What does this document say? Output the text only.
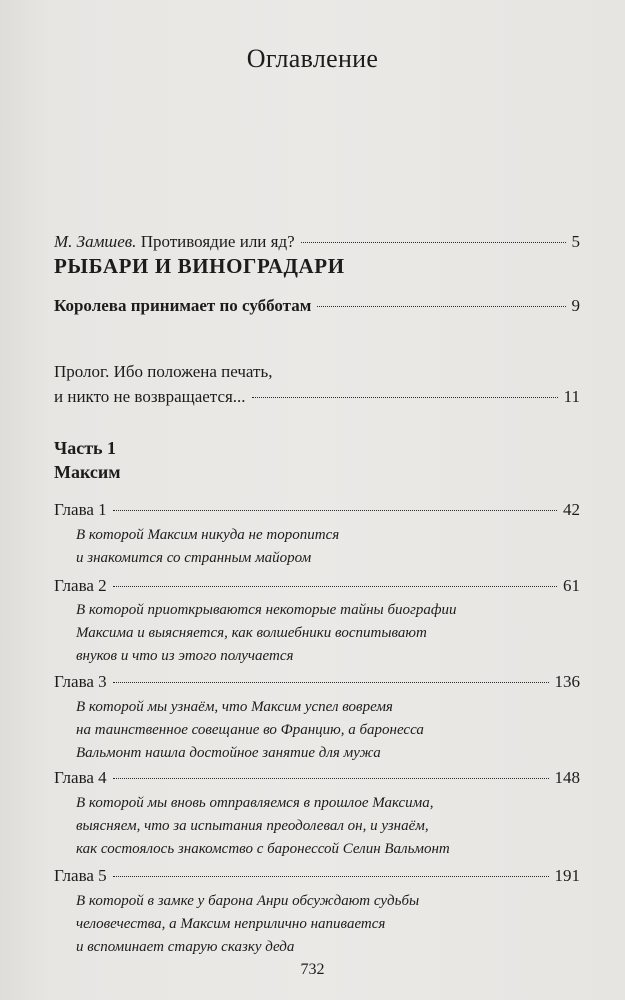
Оглавление
М. Замшев. Противоядие или яд?	5
РЫБАРИ И ВИНОГРАДАРИ
Королева принимает по субботам	9
Пролог. Ибо положена печать,
и никто не возвращается...	11
Часть 1
Максим
Глава 1	42
В которой Максим никуда не торопится
и знакомится со странным майором
Глава 2	61
В которой приоткрываются некоторые тайны биографии
Максима и выясняется, как волшебники воспитывают
внуков и что из этого получается
Глава 3	136
В которой мы узнаём, что Максим успел вовремя
на таинственное совещание во Францию, а баронесса
Вальмонт нашла достойное занятие для мужа
Глава 4	148
В которой мы вновь отправляемся в прошлое Максима,
выясняем, что за испытания преодолевал он, и узнаём,
как состоялось знакомство с баронессой Селин Вальмонт
Глава 5	191
В которой в замке у барона Анри обсуждают судьбы
человечества, а Максим неприлично напивается
и вспоминает старую сказку деда
732
